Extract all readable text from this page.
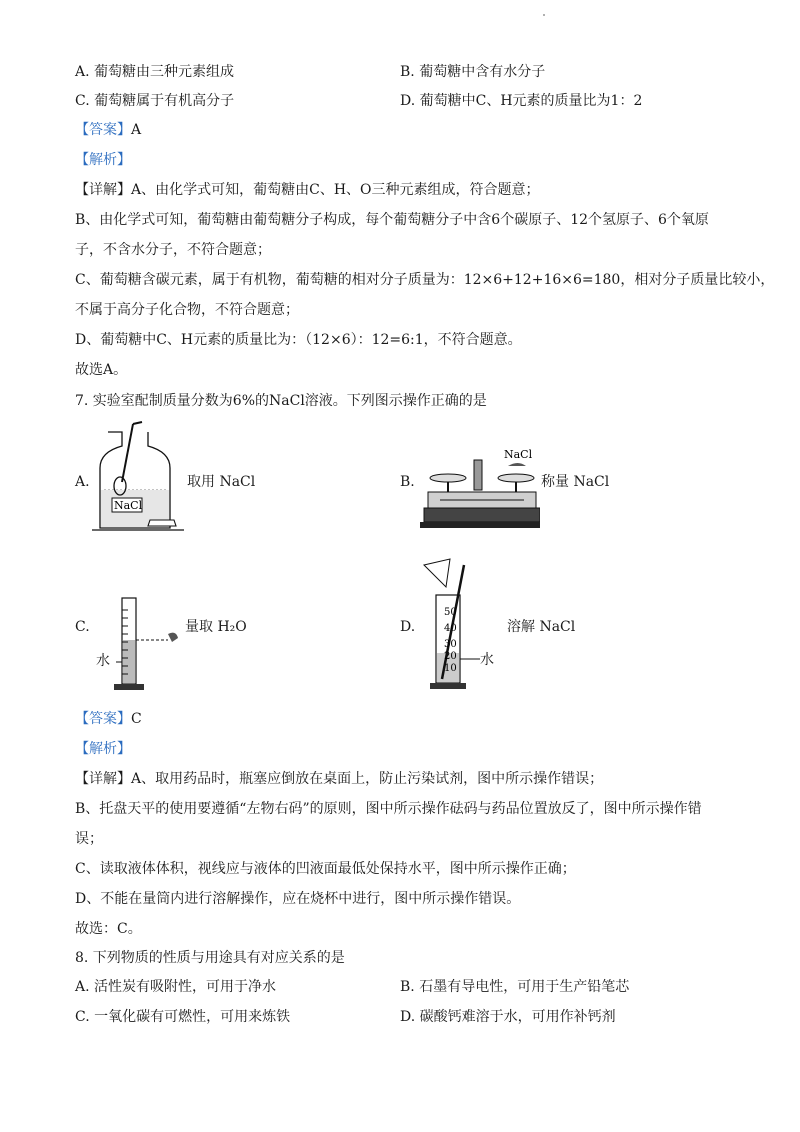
A. 葡萄糖由三种元素组成	B. 葡萄糖中含有水分子
C. 葡萄糖属于有机高分子	D. 葡萄糖中C、H元素的质量比为1：2
【答案】A
【解析】
【详解】A、由化学式可知，葡萄糖由C、H、O三种元素组成，符合题意；
B、由化学式可知，葡萄糖由葡萄糖分子构成，每个葡萄糖分子中含6个碳原子、12个氢原子、6个氧原
子，不含水分子，不符合题意；
C、葡萄糖含碳元素，属于有机物，葡萄糖的相对分子质量为：12×6+12+16×6=180，相对分子质量比较小，
不属于高分子化合物，不符合题意；
D、葡萄糖中C、H元素的质量比为：（12×6）：12=6:1，不符合题意。
故选A。
7. 实验室配制质量分数为6%的NaCl溶液。下列图示操作正确的是
A.
NaCl
取用 NaCl	B.
NaCl
称量 NaCl
C.
水
量取 H₂O	D.
50
40
30
20
10
水
溶解 NaCl
【答案】C
【解析】
【详解】A、取用药品时，瓶塞应倒放在桌面上，防止污染试剂，图中所示操作错误；
B、托盘天平的使用要遵循“左物右码”的原则，图中所示操作砝码与药品位置放反了，图中所示操作错
误；
C、读取液体体积，视线应与液体的凹液面最低处保持水平，图中所示操作正确；
D、不能在量筒内进行溶解操作，应在烧杯中进行，图中所示操作错误。
故选：C。
8. 下列物质的性质与用途具有对应关系的是
A. 活性炭有吸附性，可用于净水	B. 石墨有导电性，可用于生产铅笔芯
C. 一氧化碳有可燃性，可用来炼铁	D. 碳酸钙难溶于水，可用作补钙剂
